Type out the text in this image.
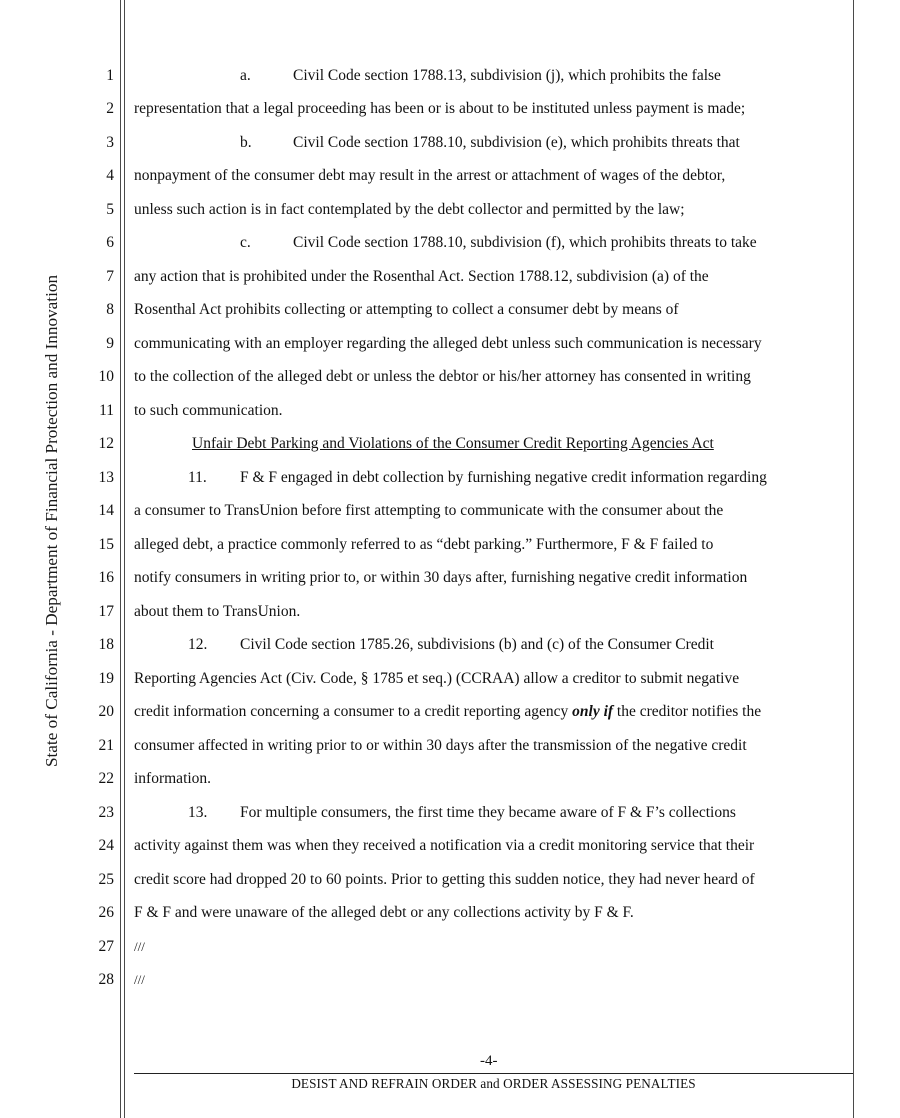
State of California - Department of Financial Protection and Innovation
1
2
3
4
5
6
7
8
9
10
11
12
13
14
15
16
17
18
19
20
21
22
23
24
25
26
27
28
a.	Civil Code section 1788.13, subdivision (j), which prohibits the false
representation that a legal proceeding has been or is about to be instituted unless payment is made;
b.	Civil Code section 1788.10, subdivision (e), which prohibits threats that
nonpayment of the consumer debt may result in the arrest or attachment of wages of the debtor,
unless such action is in fact contemplated by the debt collector and permitted by the law;
c.	Civil Code section 1788.10, subdivision (f), which prohibits threats to take
any action that is prohibited under the Rosenthal Act. Section 1788.12, subdivision (a) of the
Rosenthal Act prohibits collecting or attempting to collect a consumer debt by means of
communicating with an employer regarding the alleged debt unless such communication is necessary
to the collection of the alleged debt or unless the debtor or his/her attorney has consented in writing
to such communication.
Unfair Debt Parking and Violations of the Consumer Credit Reporting Agencies Act
11. F & F engaged in debt collection by furnishing negative credit information regarding
a consumer to TransUnion before first attempting to communicate with the consumer about the
alleged debt, a practice commonly referred to as “debt parking.” Furthermore, F & F failed to
notify consumers in writing prior to, or within 30 days after, furnishing negative credit information
about them to TransUnion.
12. Civil Code section 1785.26, subdivisions (b) and (c) of the Consumer Credit
Reporting Agencies Act (Civ. Code, § 1785 et seq.) (CCRAA) allow a creditor to submit negative
credit information concerning a consumer to a credit reporting agency only if the creditor notifies the
consumer affected in writing prior to or within 30 days after the transmission of the negative credit
information.
13. For multiple consumers, the first time they became aware of F & F’s collections
activity against them was when they received a notification via a credit monitoring service that their
credit score had dropped 20 to 60 points. Prior to getting this sudden notice, they had never heard of
F & F and were unaware of the alleged debt or any collections activity by F & F.
///
///
-4-
DESIST AND REFRAIN ORDER and ORDER ASSESSING PENALTIES
